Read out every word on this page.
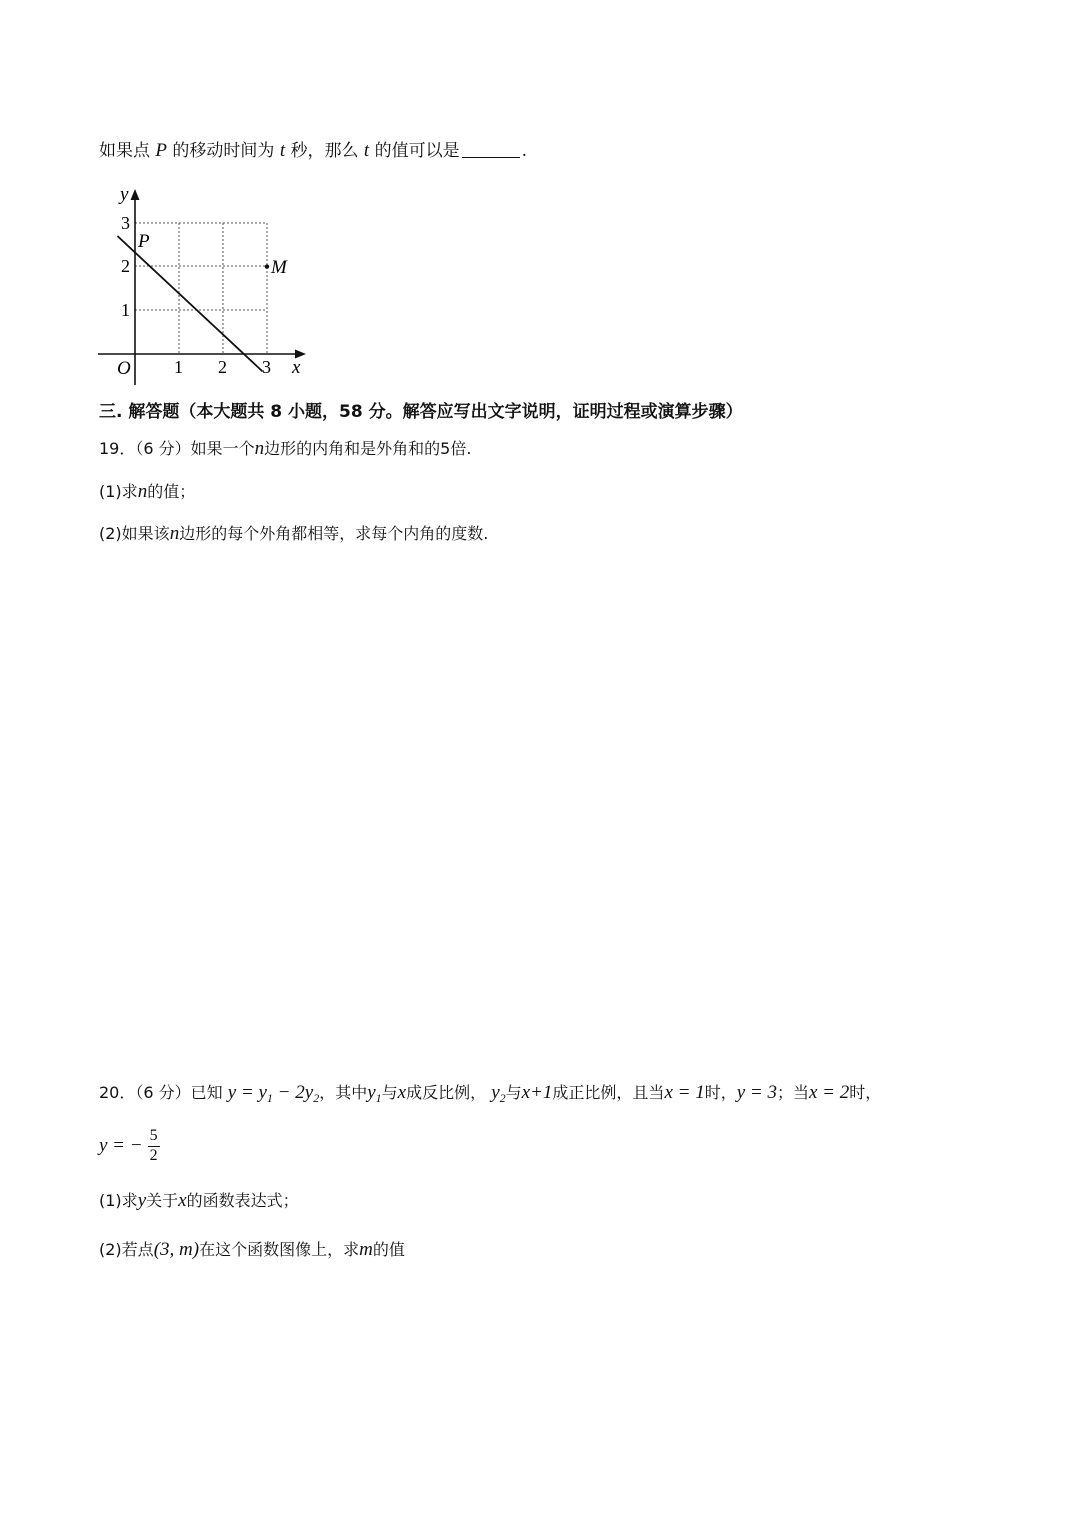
如果点 P 的移动时间为 t 秒，那么 t 的值可以是	.
y
x
O 1 2 3
1
2
3
P
M
三. 解答题（本大题共 8 小题，58 分。解答应写出文字说明，证明过程或演算步骤）
19．（6 分）如果一个n边形的内角和是外角和的5倍.
(1)求n的值；
(2)如果该n边形的每个外角都相等，求每个内角的度数.
20．（6 分）已知 $y = y_1 - 2y_2$，其中$y_1$与x成反比例， $y_2$与x+1成正比例，且当x = 1时，y = 3；当x = 2时，
y = − $\frac{5}{2}$
(1)求y关于x的函数表达式；
(2)若点(3, m)在这个函数图像上，求m的值
